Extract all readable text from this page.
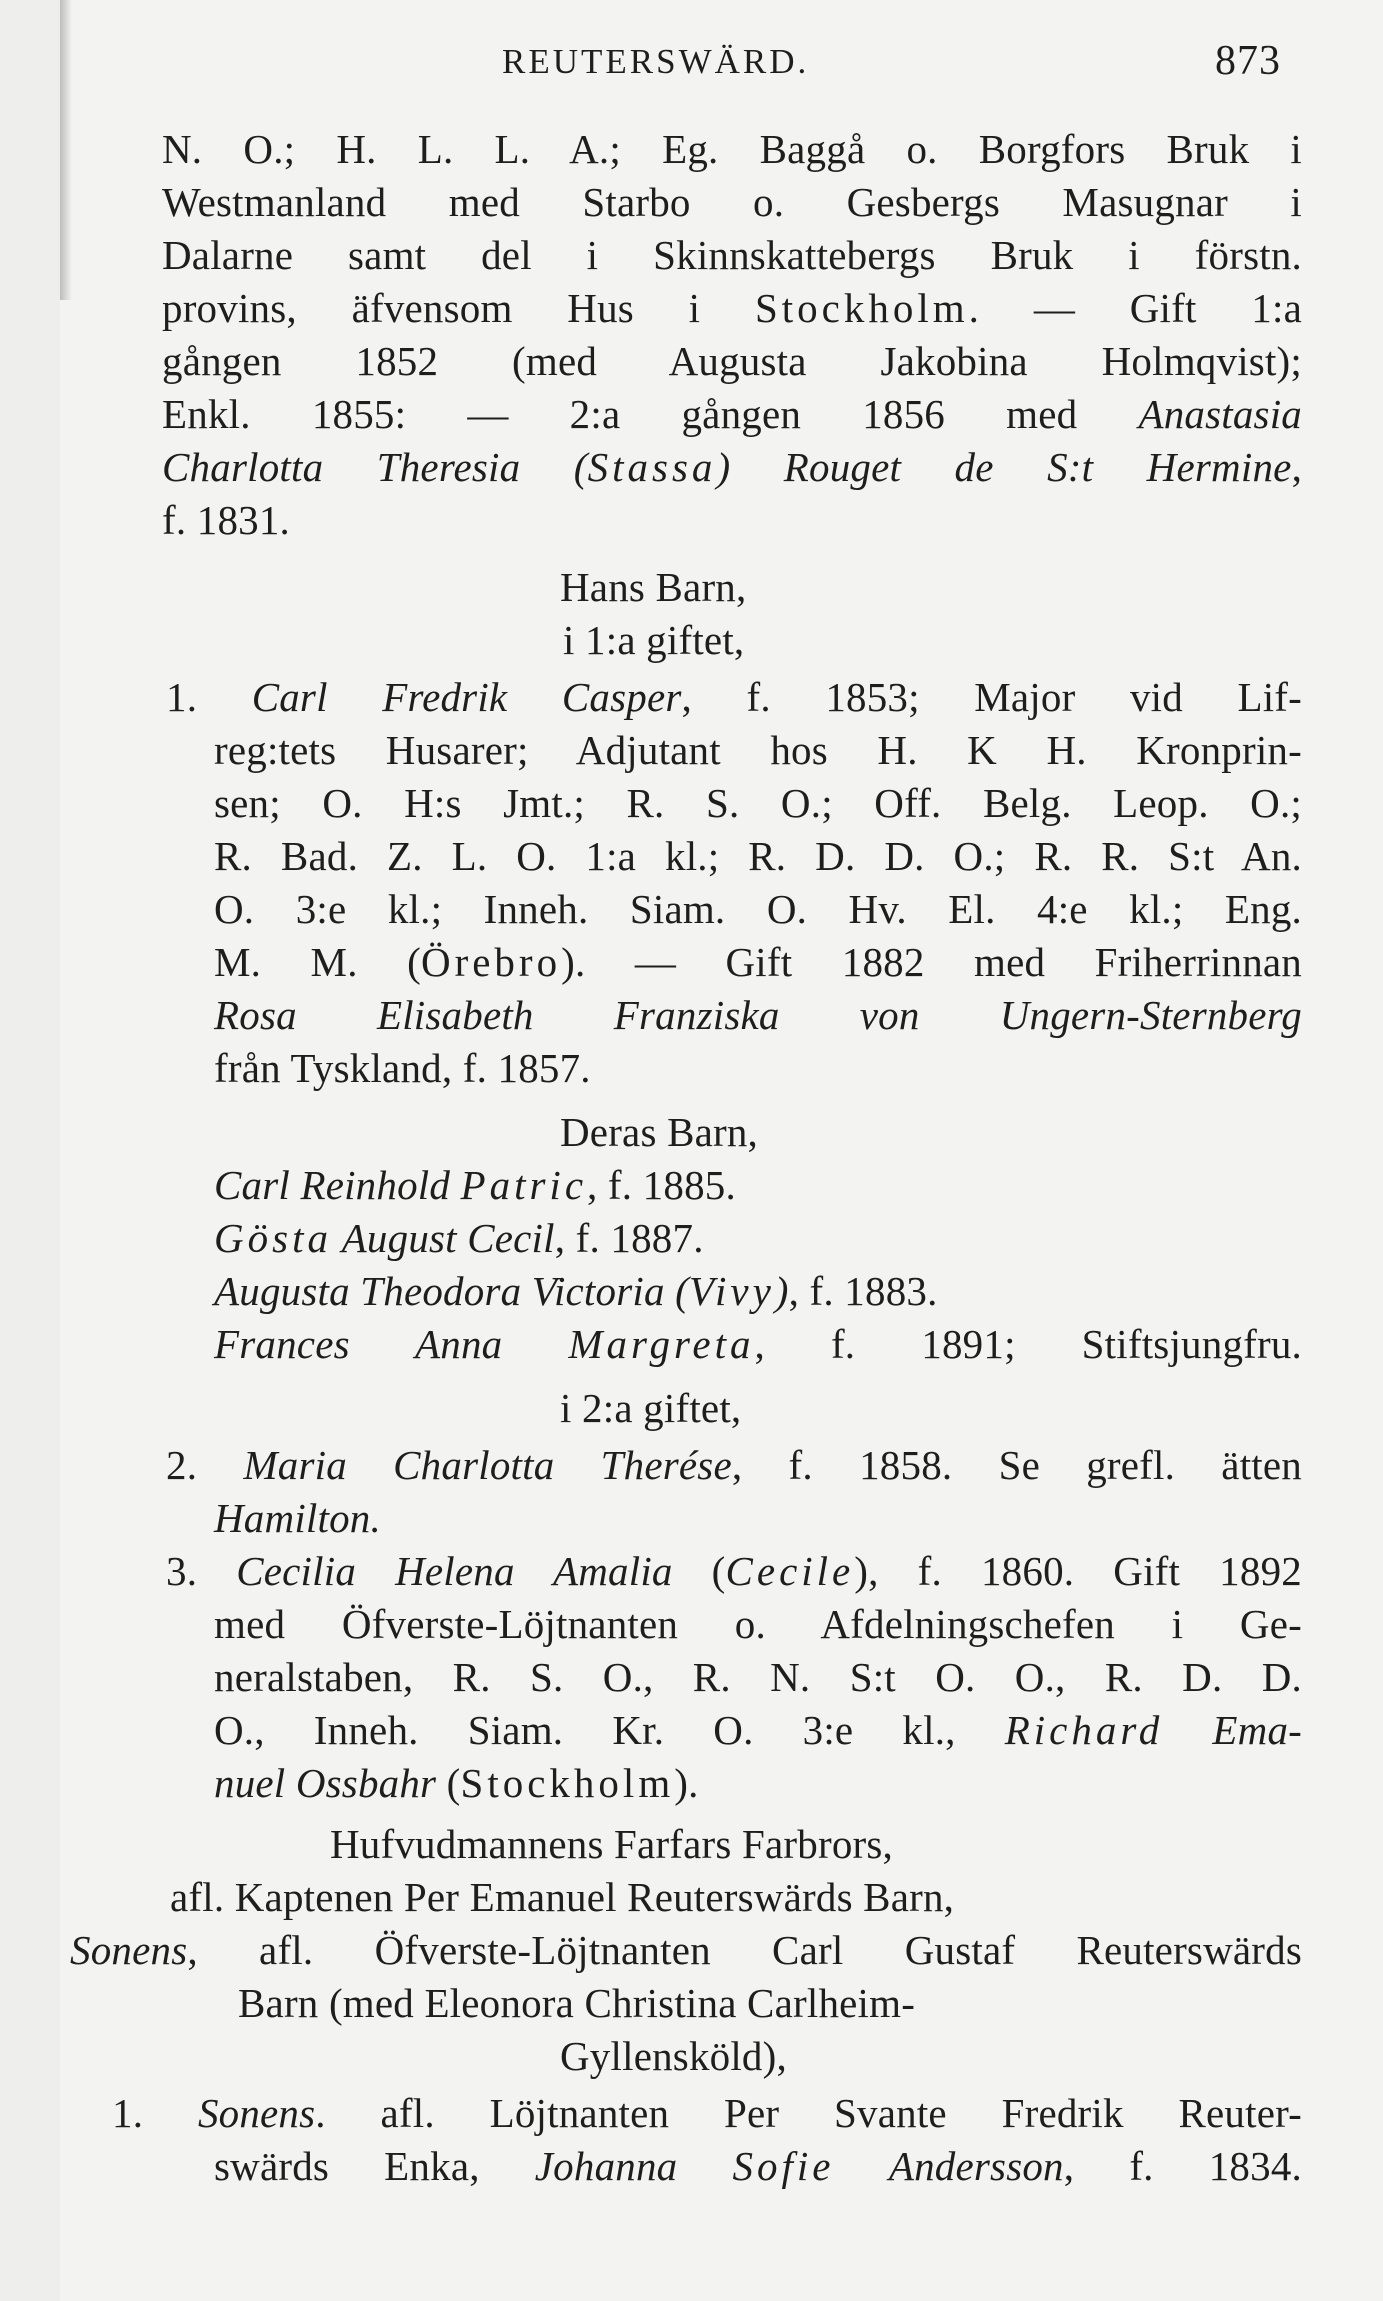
REUTERSWÄRD.	873
N. O.; H. L. L. A.; Eg. Baggå o. Borgfors Bruk i
Westmanland med Starbo o. Gesbergs Masugnar i
Dalarne samt del i Skinnskattebergs Bruk i förstn.
provins, äfvensom Hus i Stockholm. — Gift 1:a
gången 1852 (med Augusta Jakobina Holmqvist);
Enkl. 1855: — 2:a gången 1856 med Anastasia
Charlotta Theresia (Stassa) Rouget de S:t Hermine,
f. 1831.
Hans Barn,
i 1:a giftet,
1. Carl Fredrik Casper, f. 1853; Major vid Lif-
reg:tets Husarer; Adjutant hos H. K H. Kronprin-
sen; O. H:s Jmt.; R. S. O.; Off. Belg. Leop. O.;
R. Bad. Z. L. O. 1:a kl.; R. D. D. O.; R. R. S:t An.
O. 3:e kl.; Inneh. Siam. O. Hv. El. 4:e kl.; Eng.
M. M. (Örebro). — Gift 1882 med Friherrinnan
Rosa Elisabeth Franziska von Ungern-Sternberg
från Tyskland, f. 1857.
Deras Barn,
Carl Reinhold Patric, f. 1885.
Gösta August Cecil, f. 1887.
Augusta Theodora Victoria (Vivy), f. 1883.
Frances Anna Margreta, f. 1891; Stiftsjungfru.
i 2:a giftet,
2. Maria Charlotta Therése, f. 1858. Se grefl. ätten
Hamilton.
3. Cecilia Helena Amalia (Cecile), f. 1860. Gift 1892
med Öfverste-Löjtnanten o. Afdelningschefen i Ge-
neralstaben, R. S. O., R. N. S:t O. O., R. D. D.
O., Inneh. Siam. Kr. O. 3:e kl., Richard Ema-
nuel Ossbahr (Stockholm).
Hufvudmannens Farfars Farbrors,
afl. Kaptenen Per Emanuel Reuterswärds Barn,
Sonens, afl. Öfverste-Löjtnanten Carl Gustaf Reuterswärds
Barn (med Eleonora Christina Carlheim-
Gyllensköld),
1. Sonens. afl. Löjtnanten Per Svante Fredrik Reuter-
swärds Enka, Johanna Sofie Andersson, f. 1834.
